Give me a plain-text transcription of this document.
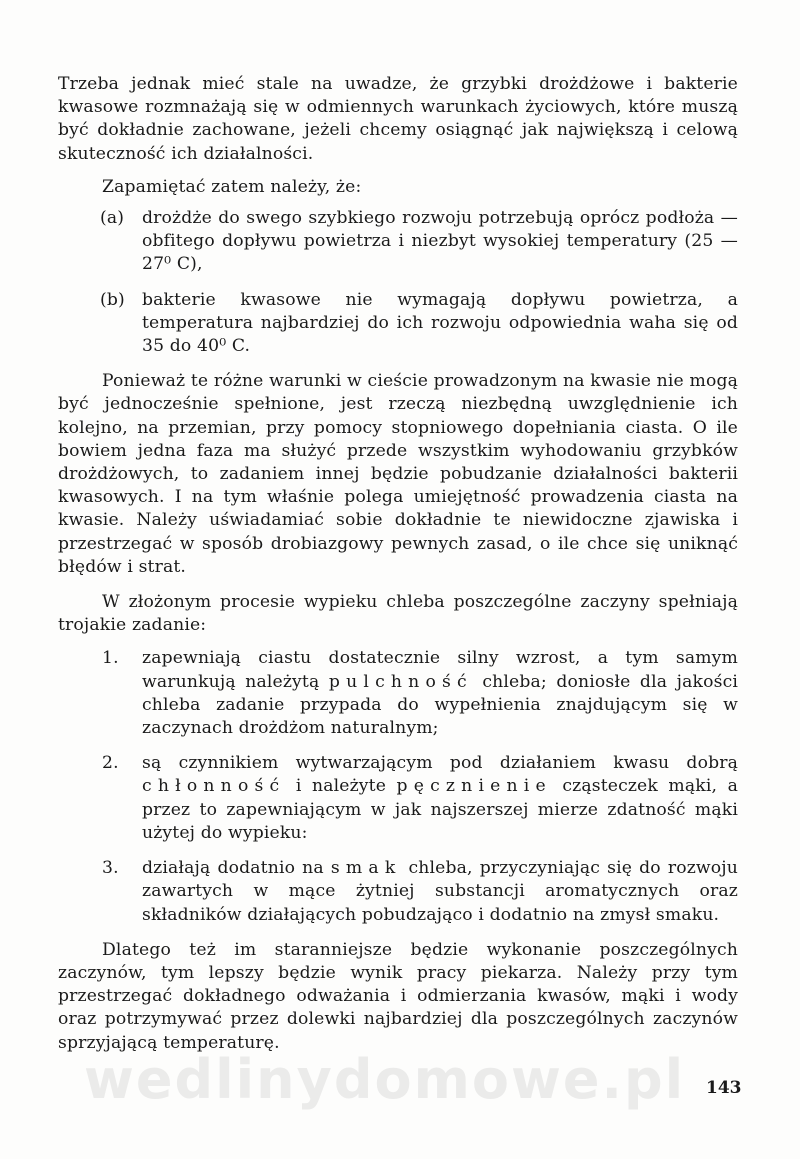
Trzeba jednak mieć stale na uwadze, że grzybki drożdżowe i bakterie kwasowe rozmnażają się w odmiennych warunkach życiowych, które muszą być dokładnie zachowane, jeżeli chcemy osiągnąć jak największą i celową skuteczność ich działalności.

Zapamiętać zatem należy, że:

(a)	drożdże do swego szybkiego rozwoju potrzebują oprócz podłoża — obfitego dopływu powietrza i niezbyt wysokiej temperatury (25 — 27⁰ C),
(b) bakterie kwasowe nie wymagają dopływu powietrza, a temperatura najbardziej do ich rozwoju odpowiednia waha się od 35 do 40⁰ C.

Ponieważ te różne warunki w cieście prowadzonym na kwasie nie mogą być jednocześnie spełnione, jest rzeczą niezbędną uwzględnienie ich kolejno, na przemian, przy pomocy stopniowego dopełniania ciasta. O ile bowiem jedna faza ma służyć przede wszystkim wyhodowaniu grzybków drożdżowych, to zadaniem innej będzie pobudzanie działalności bakterii kwasowych. I na tym właśnie polega umiejętność prowadzenia ciasta na kwasie. Należy uświadamiać sobie dokładnie te niewidoczne zjawiska i przestrzegać w sposób drobiazgowy pewnych zasad, o ile chce się uniknąć błędów i strat.

W złożonym procesie wypieku chleba poszczególne zaczyny spełniają trojakie zadanie:

1.	zapewniają ciastu dostatecznie silny wzrost, a tym samym warunkują należytą pulchność chleba; doniosłe dla jakości chleba zadanie przypada do wypełnienia znajdującym się w zaczynach drożdżom naturalnym;
2.	są czynnikiem wytwarzającym pod działaniem kwasu dobrą chłonność i należyte pęcznienie cząsteczek mąki, a przez to zapewniającym w jak najszerszej mierze zdatność mąki użytej do wypieku:
3.	działają dodatnio na smak chleba, przyczyniając się do rozwoju zawartych w mące żytniej substancji aromatycznych oraz składników działających pobudzająco i dodatnio na zmysł smaku.

Dlatego też im staranniejsze będzie wykonanie poszczególnych zaczynów, tym lepszy będzie wynik pracy piekarza. Należy przy tym przestrzegać dokładnego odważania i odmierzania kwasów, mąki i wody oraz potrzymywać przez dolewki najbardziej dla poszczególnych zaczynów sprzyjającą temperaturę.

wedlinydomowe.pl 143
